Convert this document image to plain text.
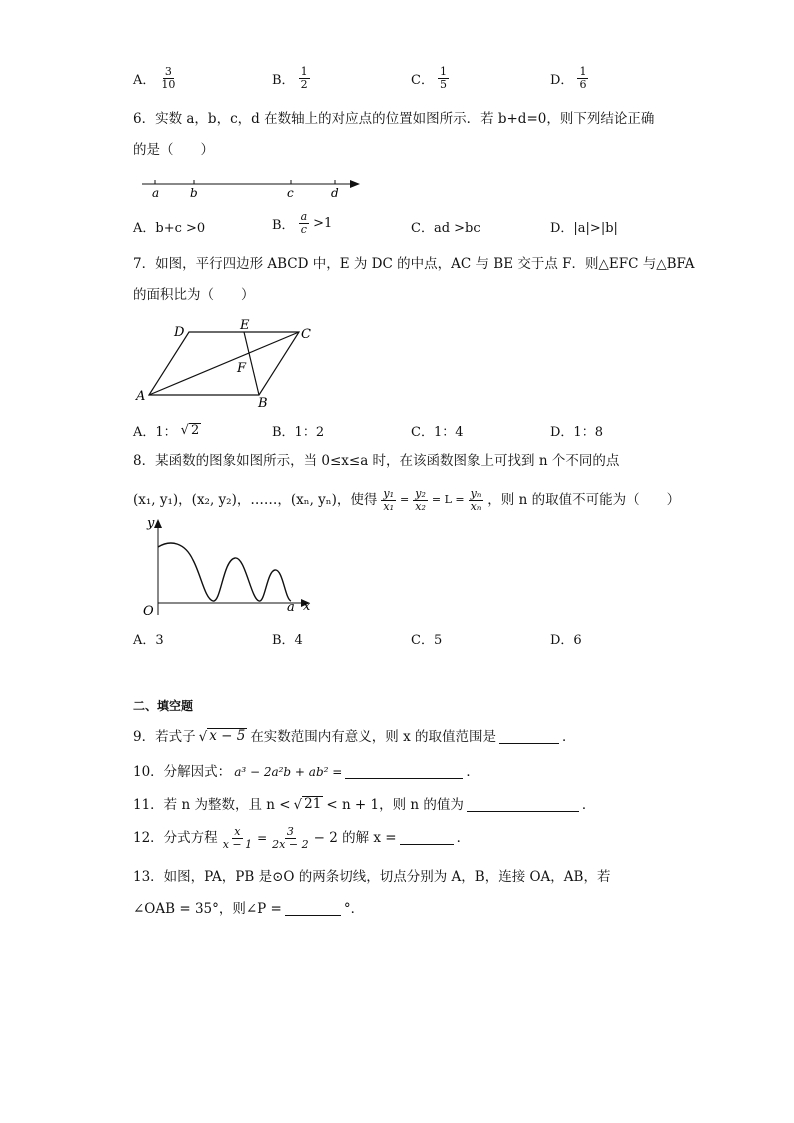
A． $\frac{3}{10}$	B． $\frac{1}{2}$	C． $\frac{1}{5}$	D． $\frac{1}{6}$
6．实数 a，b，c，d 在数轴上的对应点的位置如图所示．若 b+d=0，则下列结论正确
的是（　　）
a	b	c	d
A．b+c >0	B． $\frac{a}{c} >1$	C．ad >bc	D．|a|>|b|
7．如图，平行四边形 ABCD 中，E 为 DC 的中点，AC 与 BE 交于点 F．则△EFC 与△BFA
的面积比为（　　）
D	E
C
F
A	B
A．1： √ 2	B．1：2	C．1：4	D．1：8
8．某函数的图象如图所示，当 0≤x≤a 时，在该函数图象上可找到 n 个不同的点
(x₁, y₁)，(x₂, y₂)，……，(xₙ, yₙ)，使得 $\frac{\text{y₁}}{\text{x₁}} = \frac{\text{y₂}}{\text{x₂}} = L = \frac{\text{yₙ}}{\text{xₙ}}$ ，则 n 的取值不可能为（　　）
y
x
O	a
A．3	B．4	C．5	D．6
二、填空题
9．若式子 √ x − 5 在实数范围内有意义，则 x 的取值范围是	．
10．分解因式： a³ − 2a²b + ab² =	．
11．若 n 为整数，且 n < √ 21 < n + 1，则 n 的值为	．
12．分式方程 $\frac{x}{x - 1} = \frac{3}{2x - 2} - 2$ 的解 x =	．
13．如图，PA，PB 是⊙O 的两条切线，切点分别为 A，B，连接 OA，AB，若
∠OAB = 35°，则∠P =	°．
